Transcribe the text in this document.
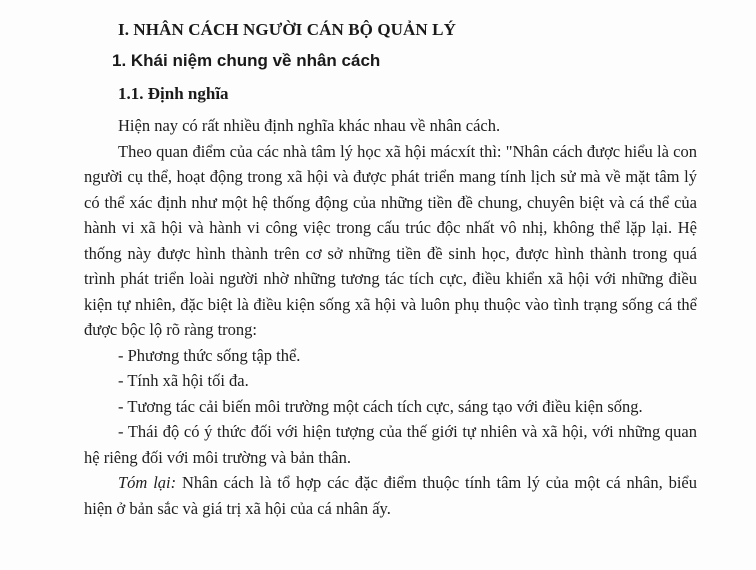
I. NHÂN CÁCH NGƯỜI CÁN BỘ QUẢN LÝ
1. Khái niệm chung về nhân cách
1.1. Định nghĩa

Hiện nay có rất nhiều định nghĩa khác nhau về nhân cách.

Theo quan điểm của các nhà tâm lý học xã hội mácxít thì: "Nhân cách được hiểu là con người cụ thể, hoạt động trong xã hội và được phát triển mang tính lịch sử mà về mặt tâm lý có thể xác định như một hệ thống động của những tiền đề chung, chuyên biệt và cá thể của hành vi xã hội và hành vi công việc trong cấu trúc độc nhất vô nhị, không thể lặp lại. Hệ thống này được hình thành trên cơ sở những tiền đề sinh học, được hình thành trong quá trình phát triển loài người nhờ những tương tác tích cực, điều khiển xã hội với những điều kiện tự nhiên, đặc biệt là điều kiện sống xã hội và luôn phụ thuộc vào tình trạng sống cá thể được bộc lộ rõ ràng trong:

- Phương thức sống tập thể.

- Tính xã hội tối đa.

- Tương tác cải biến môi trường một cách tích cực, sáng tạo với điều kiện sống.

- Thái độ có ý thức đối với hiện tượng của thế giới tự nhiên và xã hội, với những quan hệ riêng đối với môi trường và bản thân.

Tóm lại: Nhân cách là tổ hợp các đặc điểm thuộc tính tâm lý của một cá nhân, biểu hiện ở bản sắc và giá trị xã hội của cá nhân ấy.
